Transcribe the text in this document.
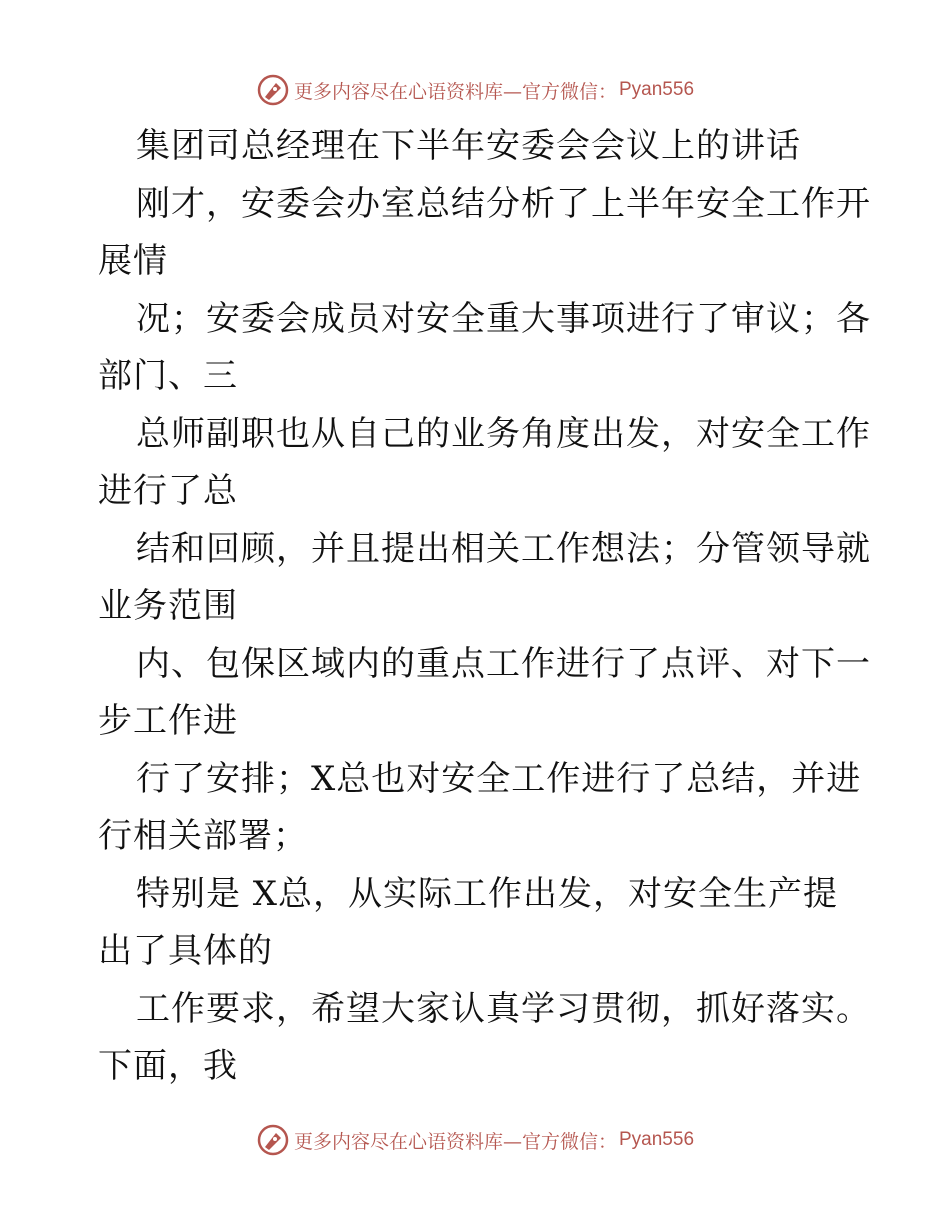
更多内容尽在心语资料库—官方微信： Pyan556
集团司总经理在下半年安委会会议上的讲话
刚才，安委会办室总结分析了上半年安全工作开
展情
况；安委会成员对安全重大事项进行了审议；各
部门、三
总师副职也从自己的业务角度出发，对安全工作
进行了总
结和回顾，并且提出相关工作想法；分管领导就
业务范围
内、包保区域内的重点工作进行了点评、对下一
步工作进
行了安排；X总也对安全工作进行了总结，并进
行相关部署；
特别是 X总，从实际工作出发，对安全生产提
出了具体的
工作要求，希望大家认真学习贯彻，抓好落实。
下面，我
更多内容尽在心语资料库—官方微信： Pyan556
